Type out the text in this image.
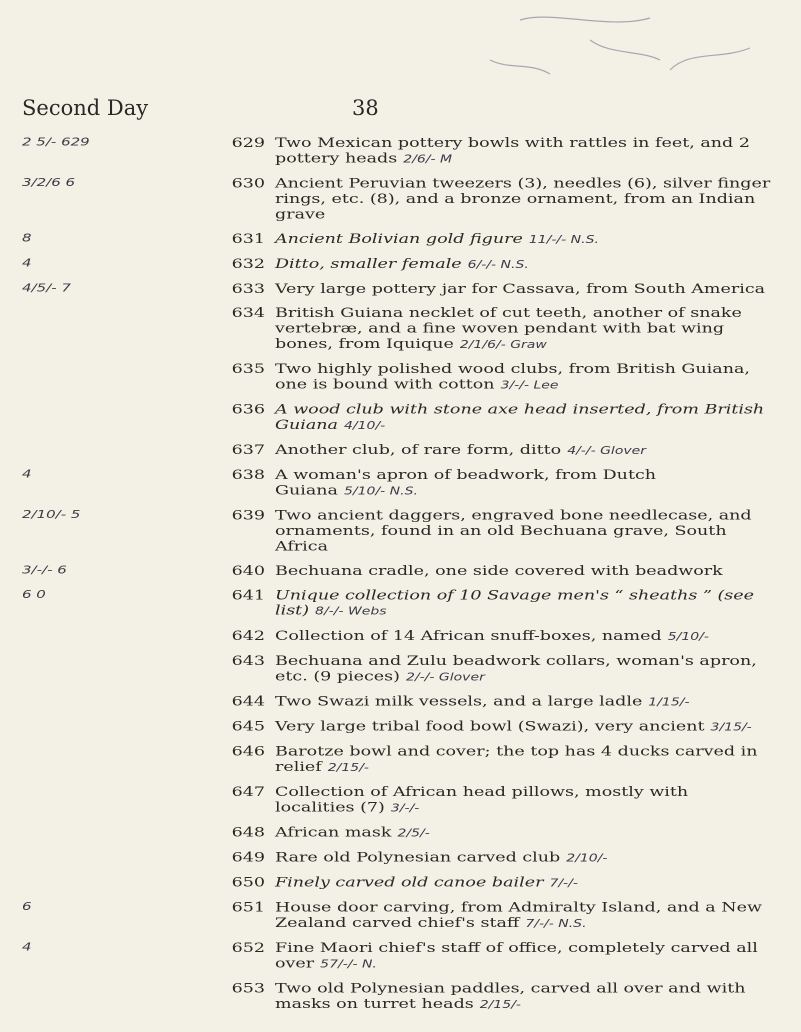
Second Day	38
2 5/- 629	629 Two Mexican pottery bowls with rattles in feet, and 2 pottery heads 2/6/- M
3/2/6 6	630 Ancient Peruvian tweezers (3), needles (6), silver finger rings, etc. (8), and a bronze ornament, from an Indian grave
8	631 Ancient Bolivian gold figure 11/-/- N.S.
4	632 Ditto, smaller female 6/-/- N.S.
4/5/- 7	633 Very large pottery jar for Cassava, from South America
634 British Guiana necklet of cut teeth, another of snake vertebræ, and a fine woven pendant with bat wing bones, from Iquique 2/1/6/- Graw
635 Two highly polished wood clubs, from British Guiana, one is bound with cotton 3/-/- Lee
636 A wood club with stone axe head inserted, from British Guiana 4/10/-
637 Another club, of rare form, ditto 4/-/- Glover
4	638 A woman's apron of beadwork, from Dutch Guiana 5/10/- N.S.
2/10/- 5	639 Two ancient daggers, engraved bone needlecase, and ornaments, found in an old Bechuana grave, South Africa
3/-/- 6	640 Bechuana cradle, one side covered with beadwork
6 0	641 Unique collection of 10 Savage men's “ sheaths ” (see list) 8/-/- Webs
642 Collection of 14 African snuff-boxes, named 5/10/-
643 Bechuana and Zulu beadwork collars, woman's apron, etc. (9 pieces) 2/-/- Glover
644 Two Swazi milk vessels, and a large ladle 1/15/-
645 Very large tribal food bowl (Swazi), very ancient 3/15/-
646 Barotze bowl and cover; the top has 4 ducks carved in relief 2/15/-
647 Collection of African head pillows, mostly with localities (7) 3/-/-
648 African mask 2/5/-
649 Rare old Polynesian carved club 2/10/-
650 Finely carved old canoe bailer 7/-/-
6	651 House door carving, from Admiralty Island, and a New Zealand carved chief's staff 7/-/- N.S.
4	652 Fine Maori chief's staff of office, completely carved all over 57/-/- N.
653 Two old Polynesian paddles, carved all over and with masks on turret heads 2/15/-
